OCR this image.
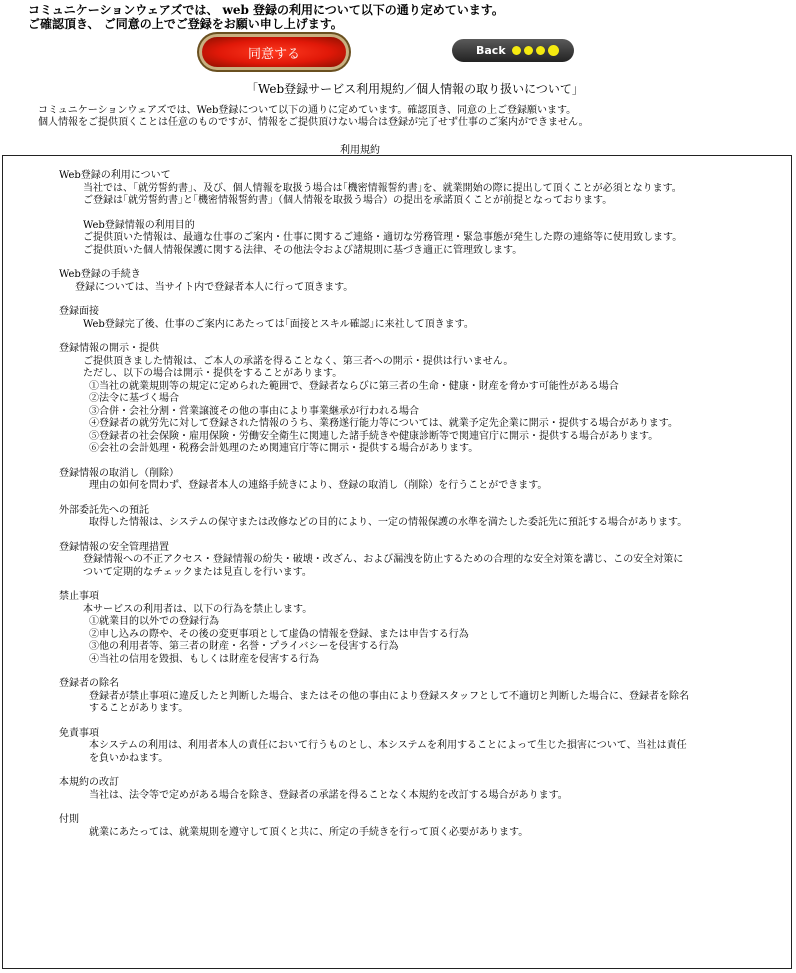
コミュニケーションウェアズでは、 web 登録の利用について以下の通り定めています。
ご確認頂き、 ご同意の上でご登録をお願い申し上げます。
同意する	Back
「Web登録サービス利用規約／個人情報の取り扱いについて」
コミュニケーションウェアズでは、Web登録について以下の通りに定めています。確認頂き、同意の上ご登録願います。
個人情報をご提供頂くことは任意のものですが、情報をご提供頂けない場合は登録が完了せず仕事のご案内ができません。
利用規約
Web登録の利用について
当社では、｢就労誓約書｣、及び、個人情報を取扱う場合は｢機密情報誓約書｣を、就業開始の際に提出して頂くことが必須となります。
ご登録は｢就労誓約書｣と｢機密情報誓約書｣（個人情報を取扱う場合）の提出を承諾頂くことが前提となっております。
Web登録情報の利用目的
ご提供頂いた情報は、最適な仕事のご案内・仕事に関するご連絡・適切な労務管理・緊急事態が発生した際の連絡等に使用致します。
ご提供頂いた個人情報保護に関する法律、その他法令および諸規則に基づき適正に管理致します。
Web登録の手続き
登録については、当サイト内で登録者本人に行って頂きます。
登録面接
Web登録完了後、仕事のご案内にあたっては｢面接とスキル確認｣に来社して頂きます。
登録情報の開示・提供
ご提供頂きました情報は、ご本人の承諾を得ることなく、第三者への開示・提供は行いません。
ただし、以下の場合は開示・提供をすることがあります。
①当社の就業規則等の規定に定められた範囲で、登録者ならびに第三者の生命・健康・財産を脅かす可能性がある場合
②法令に基づく場合
③合併・会社分割・営業譲渡その他の事由により事業継承が行われる場合
④登録者の就労先に対して登録された情報のうち、業務遂行能力等については、就業予定先企業に開示・提供する場合があります。
⑤登録者の社会保険・雇用保険・労働安全衛生に関連した諸手続きや健康診断等で関連官庁に開示・提供する場合があります。
⑥会社の会計処理・税務会計処理のため関連官庁等に開示・提供する場合があります。
登録情報の取消し（削除）
理由の如何を問わず、登録者本人の連絡手続きにより、登録の取消し（削除）を行うことができます。
外部委託先への預託
取得した情報は、システムの保守または改修などの目的により、一定の情報保護の水準を満たした委託先に預託する場合があります。
登録情報の安全管理措置
登録情報への不正アクセス・登録情報の紛失・破壊・改ざん、および漏洩を防止するための合理的な安全対策を講じ、この安全対策に
ついて定期的なチェックまたは見直しを行います。
禁止事項
本サービスの利用者は、以下の行為を禁止します。
①就業目的以外での登録行為
②申し込みの際や、その後の変更事項として虚偽の情報を登録、または申告する行為
③他の利用者等、第三者の財産・名誉・プライバシーを侵害する行為
④当社の信用を毀損、もしくは財産を侵害する行為
登録者の除名
登録者が禁止事項に違反したと判断した場合、またはその他の事由により登録スタッフとして不適切と判断した場合に、登録者を除名
することがあります。
免責事項
本システムの利用は、利用者本人の責任において行うものとし、本システムを利用することによって生じた損害について、当社は責任
を負いかねます。
本規約の改訂
当社は、法令等で定めがある場合を除き、登録者の承諾を得ることなく本規約を改訂する場合があります。
付則
就業にあたっては、就業規則を遵守して頂くと共に、所定の手続きを行って頂く必要があります。
